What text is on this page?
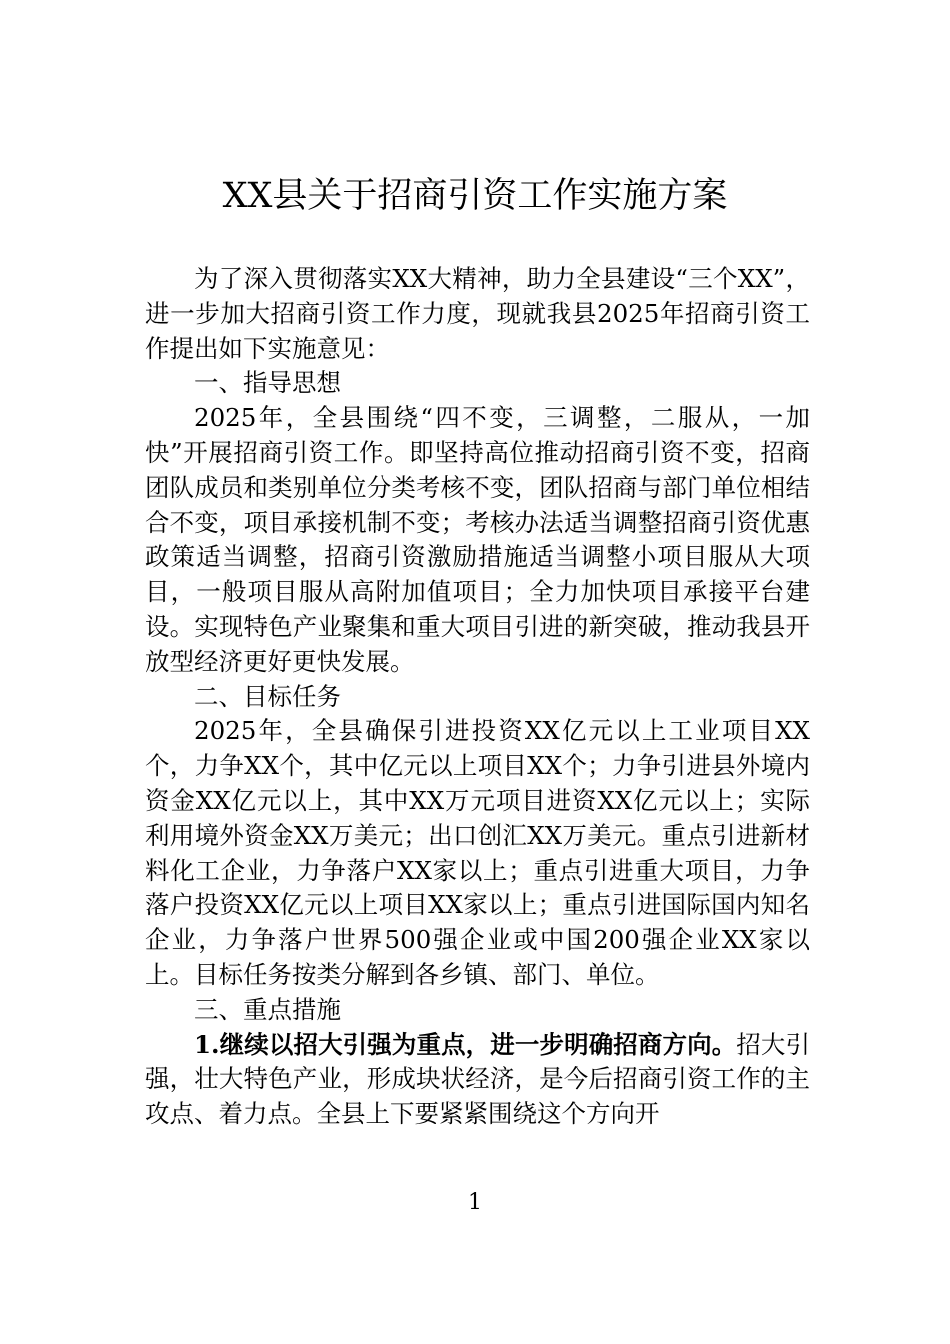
XX县关于招商引资工作实施方案

为了深入贯彻落实XX大精神，助力全县建设“三个XX”，进一步加大招商引资工作力度，现就我县2025年招商引资工作提出如下实施意见：

一、指导思想

2025年，全县围绕“四不变，三调整，二服从，一加快”开展招商引资工作。即坚持高位推动招商引资不变，招商团队成员和类别单位分类考核不变，团队招商与部门单位相结合不变，项目承接机制不变；考核办法适当调整招商引资优惠政策适当调整，招商引资激励措施适当调整小项目服从大项目，一般项目服从高附加值项目；全力加快项目承接平台建设。实现特色产业聚集和重大项目引进的新突破，推动我县开放型经济更好更快发展。

二、目标任务

2025年，全县确保引进投资XX亿元以上工业项目XX个，力争XX个，其中亿元以上项目XX个；力争引进县外境内资金XX亿元以上，其中XX万元项目进资XX亿元以上；实际利用境外资金XX万美元；出口创汇XX万美元。重点引进新材料化工企业，力争落户XX家以上；重点引进重大项目，力争落户投资XX亿元以上项目XX家以上；重点引进国际国内知名企业，力争落户世界500强企业或中国200强企业XX家以上。目标任务按类分解到各乡镇、部门、单位。

三、重点措施

1.继续以招大引强为重点，进一步明确招商方向。招大引强，壮大特色产业，形成块状经济，是今后招商引资工作的主攻点、着力点。全县上下要紧紧围绕这个方向开

1
